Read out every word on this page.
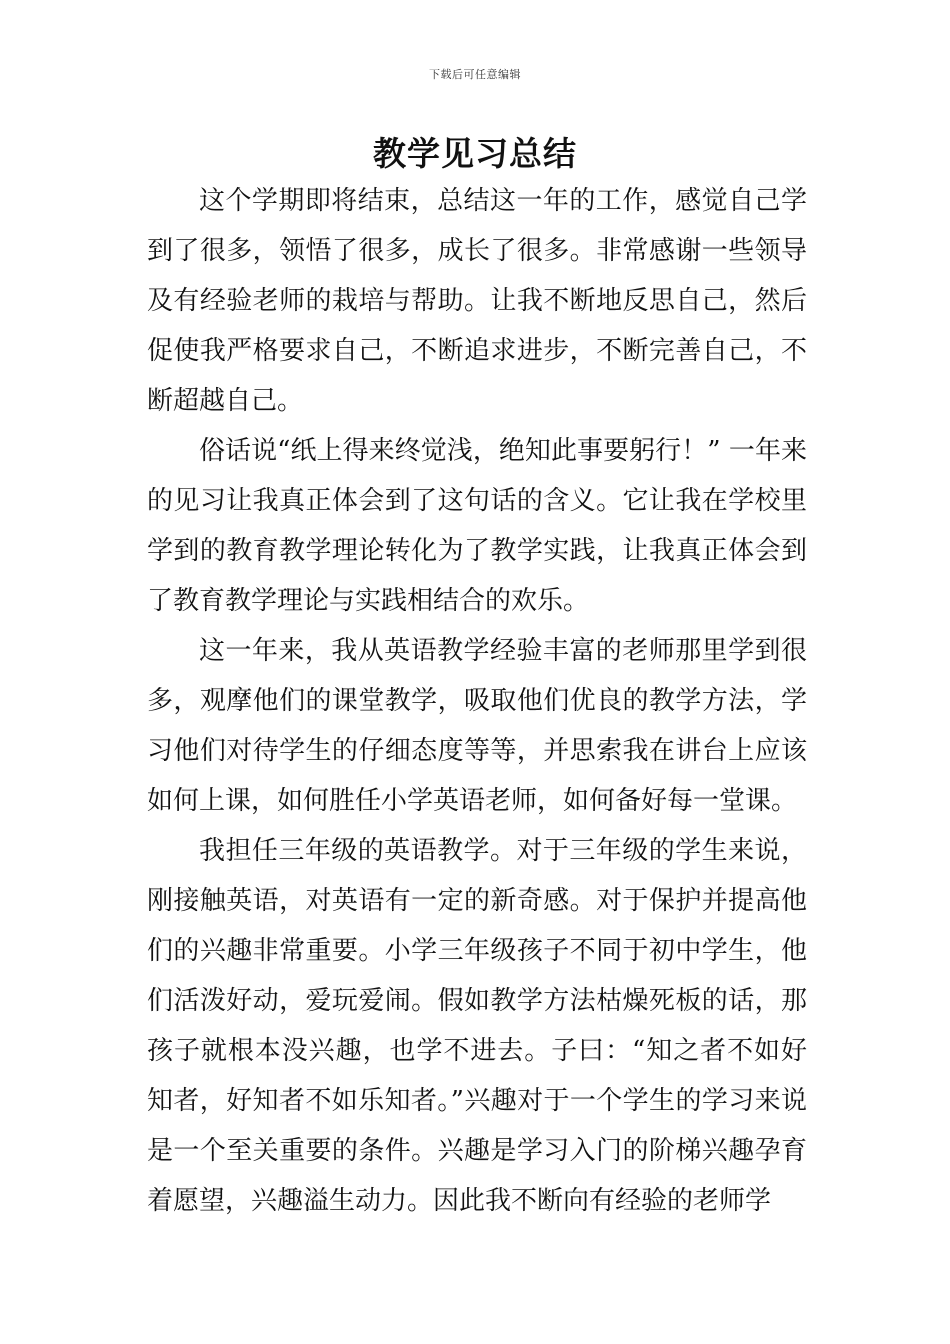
下载后可任意编辑
教学见习总结

这个学期即将结束，总结这一年的工作，感觉自己学到了很多，领悟了很多，成长了很多。非常感谢一些领导及有经验老师的栽培与帮助。让我不断地反思自己，然后促使我严格要求自己，不断追求进步，不断完善自己，不断超越自己。

俗话说“纸上得来终觉浅，绝知此事要躬行！” 一年来的见习让我真正体会到了这句话的含义。它让我在学校里学到的教育教学理论转化为了教学实践，让我真正体会到了教育教学理论与实践相结合的欢乐。

这一年来，我从英语教学经验丰富的老师那里学到很多，观摩他们的课堂教学，吸取他们优良的教学方法，学习他们对待学生的仔细态度等等，并思索我在讲台上应该如何上课，如何胜任小学英语老师，如何备好每一堂课。

我担任三年级的英语教学。对于三年级的学生来说，刚接触英语，对英语有一定的新奇感。对于保护并提高他们的兴趣非常重要。小学三年级孩子不同于初中学生，他们活泼好动，爱玩爱闹。假如教学方法枯燥死板的话，那孩子就根本没兴趣，也学不进去。子曰：“知之者不如好知者，好知者不如乐知者。”兴趣对于一个学生的学习来说是一个至关重要的条件。兴趣是学习入门的阶梯兴趣孕育着愿望，兴趣溢生动力。因此我不断向有经验的老师学
